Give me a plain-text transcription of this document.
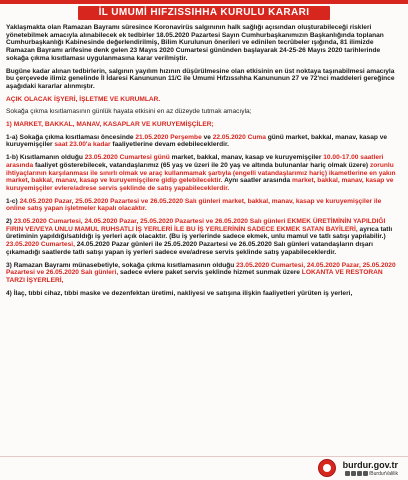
İL UMUMİ HIFZISSIHHA KURULU KARARI

Yaklaşmakta olan Ramazan Bayramı süresince Koronavirüs salgınının halk sağlığı açısından oluşturabileceği riskleri yönetebilmek amacıyla alınabilecek ek tedbirler 18.05.2020 Pazartesi Sayın Cumhurbaşkanımızın Başkanlığında toplanan Cumhurbaşkanlığı Kabinesinde değerlendirilmiş, Bilim Kurulunun önerileri ve edinilen tecrübeler ışığında, 81 ilimizde Ramazan Bayramı arifesine denk gelen 23 Mayıs 2020 Cumartesi gününden başlayarak 24-25-26 Mayıs 2020 tarihlerinde sokağa çıkma kısıtlaması uygulanmasına karar verilmiştir.

Bugüne kadar alınan tedbirlerin, salgının yayılım hızının düşürülmesine olan etkisinin en üst noktaya taşınabilmesi amacıyla bu çerçevede ilimiz genelinde İl İdaresi Kanununun 11/C ile Umumi Hıfzıssıhha Kanununun 27 ve 72'nci maddeleri gereğince aşağıdaki kararlar alınmıştır.

AÇIK OLACAK İŞYERİ, İŞLETME VE KURUMLAR.

Sokağa çıkma kısıtlamasının günlük hayata etkisini en az düzeyde tutmak amacıyla;

1) MARKET, BAKKAL, MANAV, KASAPLAR VE KURUYEMİŞÇİLER;

1-a) Sokağa çıkma kısıtlaması öncesinde 21.05.2020 Perşembe ve 22.05.2020 Cuma günü market, bakkal, manav, kasap ve kuruyemişçiler saat 23.00'a kadar faaliyetlerine devam edebileceklerdir.

1-b) Kısıtlamanın olduğu 23.05.2020 Cumartesi günü market, bakkal, manav, kasap ve kuruyemişçiler 10.00-17.00 saatleri arasında faaliyet gösterebilecek, vatandaşlarımız (65 yaş ve üzeri ile 20 yaş ve altında bulunanlar hariç olmak üzere) zorunlu ihtiyaçlarının karşılanması ile sınırlı olmak ve araç kullanmamak şartıyla (engelli vatandaşlarımız hariç) ikametlerine en yakın market, bakkal, manav, kasap ve kuruyemişçilere gidip gelebilecektir. Aynı saatler arasında market, bakkal, manav, kasap ve kuruyemişçiler evlere/adrese servis şeklinde de satış yapabileceklerdir.

1-c) 24.05.2020 Pazar, 25.05.2020 Pazartesi ve 26.05.2020 Salı günleri market, bakkal, manav, kasap ve kuruyemişçiler ile online satış yapan işletmeler kapalı olacaktır.

2) 23.05.2020 Cumartesi, 24.05.2020 Pazar, 25.05.2020 Pazartesi ve 26.05.2020 Salı günleri EKMEK ÜRETİMİNİN YAPILDIĞI FIRIN VE/VEYA UNLU MAMUL RUHSATLI İŞ YERLERİ İLE BU İŞ YERLERİNİN SADECE EKMEK SATAN BAYİLERİ, ayrıca tatlı üretiminin yapıldığı/satıldığı iş yerleri açık olacaktır. (Bu iş yerlerinde sadece ekmek, unlu mamul ve tatlı satışı yapılabilir.) 23.05.2020 Cumartesi, 24.05.2020 Pazar günleri ile 25.05.2020 Pazartesi ve 26.05.2020 Salı günleri vatandaşların dışarı çıkamadığı saatlerde tatlı satışı yapan iş yerleri sadece eve/adrese servis şeklinde satış yapabileceklerdir.

3) Ramazan Bayramı münasebetiyle, sokağa çıkma kısıtlamasının olduğu 23.05.2020 Cumartesi, 24.05.2020 Pazar, 25.05.2020 Pazartesi ve 26.05.2020 Salı günleri, sadece evlere paket servis şeklinde hizmet sunmak üzere LOKANTA VE RESTORAN TARZI İŞYERLERİ,

4) İlaç, tıbbi cihaz, tıbbi maske ve dezenfektan üretimi, nakliyesi ve satışına ilişkin faaliyetleri yürüten iş yerleri,

burdur.gov.tr
/BurdurValilik
